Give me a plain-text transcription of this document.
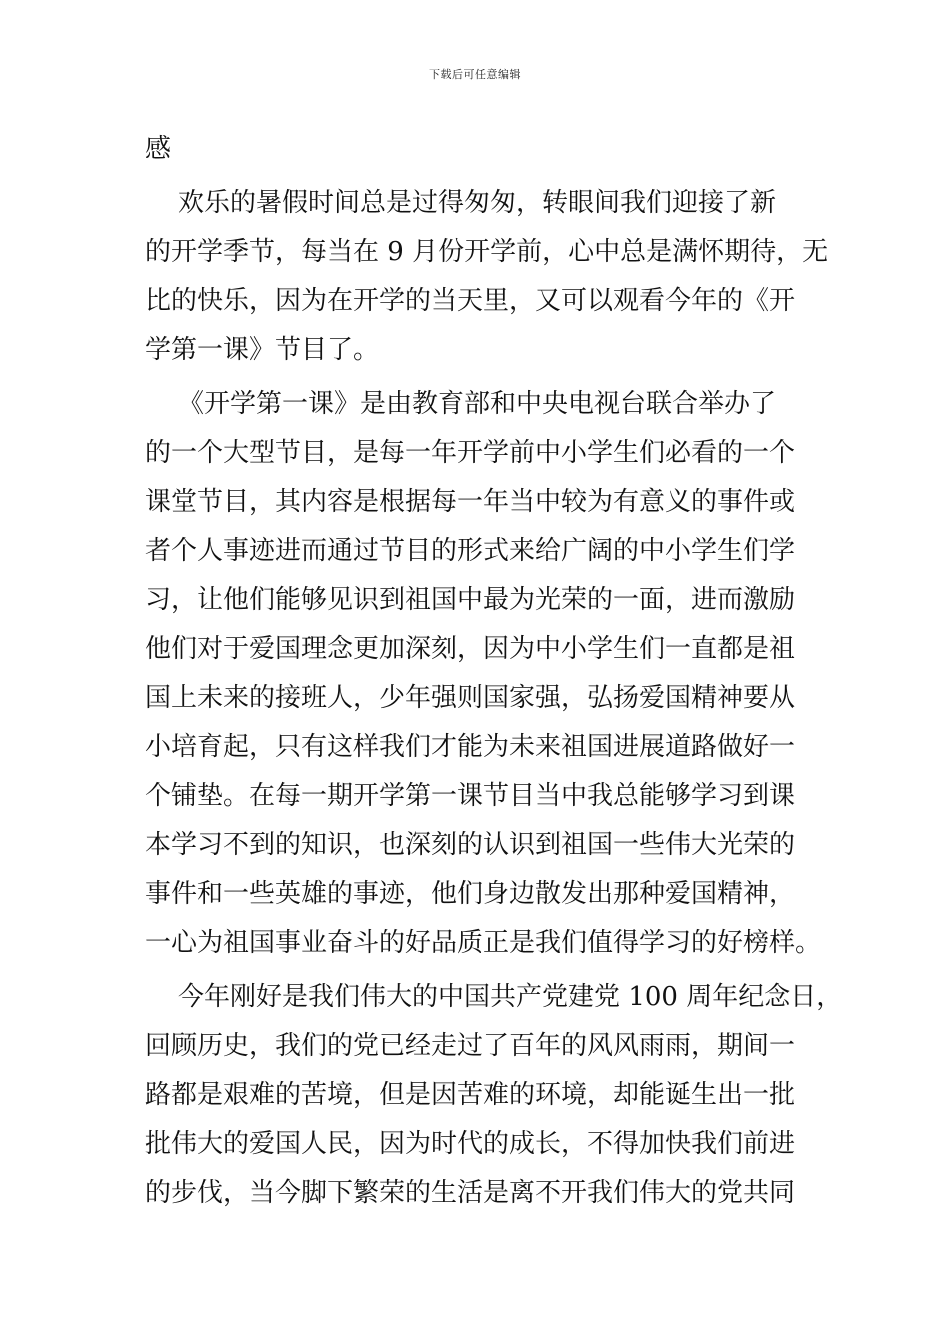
下载后可任意编辑
感
欢乐的暑假时间总是过得匆匆，转眼间我们迎接了新
的开学季节，每当在 9 月份开学前，心中总是满怀期待，无
比的快乐，因为在开学的当天里，又可以观看今年的《开
学第一课》节目了。
《开学第一课》是由教育部和中央电视台联合举办了
的一个大型节目，是每一年开学前中小学生们必看的一个
课堂节目，其内容是根据每一年当中较为有意义的事件或
者个人事迹进而通过节目的形式来给广阔的中小学生们学
习，让他们能够见识到祖国中最为光荣的一面，进而激励
他们对于爱国理念更加深刻，因为中小学生们一直都是祖
国上未来的接班人，少年强则国家强，弘扬爱国精神要从
小培育起，只有这样我们才能为未来祖国进展道路做好一
个铺垫。在每一期开学第一课节目当中我总能够学习到课
本学习不到的知识，也深刻的认识到祖国一些伟大光荣的
事件和一些英雄的事迹，他们身边散发出那种爱国精神，
一心为祖国事业奋斗的好品质正是我们值得学习的好榜样。
今年刚好是我们伟大的中国共产党建党 100 周年纪念日，
回顾历史，我们的党已经走过了百年的风风雨雨，期间一
路都是艰难的苦境，但是因苦难的环境，却能诞生出一批
批伟大的爱国人民，因为时代的成长，不得加快我们前进
的步伐，当今脚下繁荣的生活是离不开我们伟大的党共同
